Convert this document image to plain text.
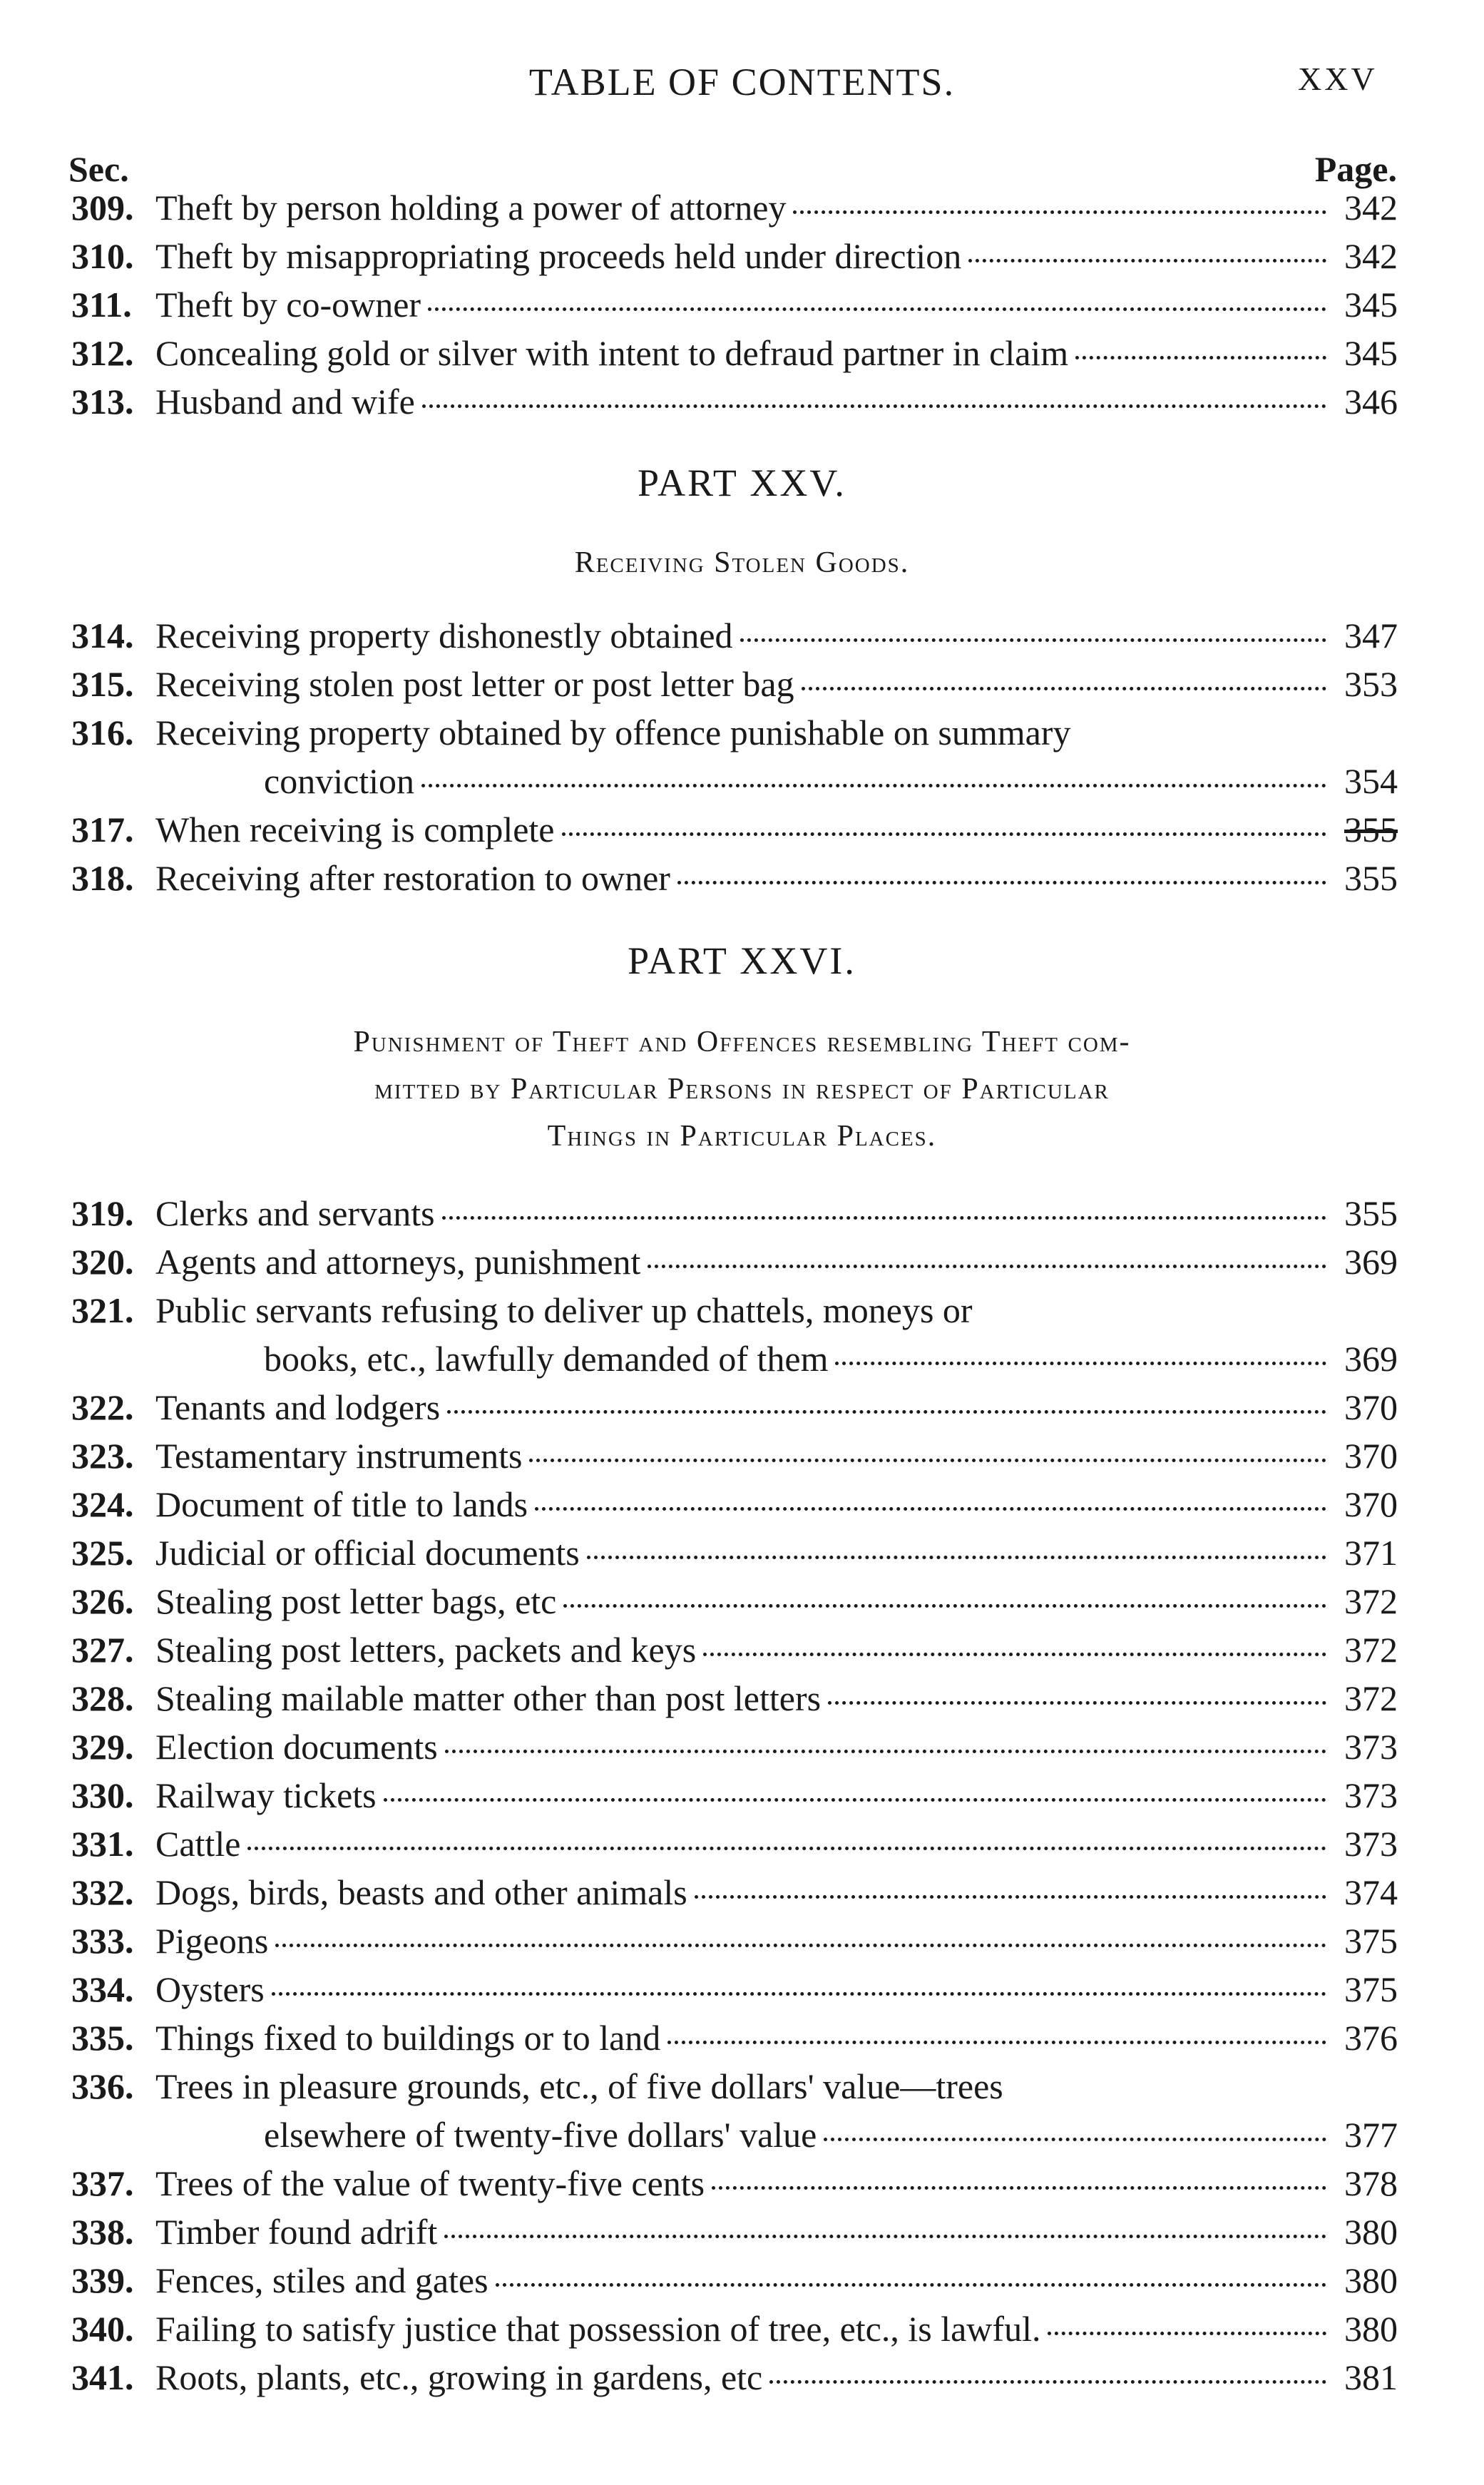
TABLE OF CONTENTS.	XXV
Sec.	Page.
309. Theft by person holding a power of attorney	342
310. Theft by misappropriating proceeds held under direction	342
311. Theft by co-owner	345
312. Concealing gold or silver with intent to defraud partner in claim	345
313. Husband and wife	346
PART XXV.
Receiving Stolen Goods.
314. Receiving property dishonestly obtained	347
315. Receiving stolen post letter or post letter bag	353
316. Receiving property obtained by offence punishable on summary
conviction	354
317. When receiving is complete	355
318. Receiving after restoration to owner	355
PART XXVI.
Punishment of Theft and Offences resembling Theft com-
mitted by Particular Persons in respect of Particular
Things in Particular Places.
319. Clerks and servants	355
320. Agents and attorneys, punishment	369
321. Public servants refusing to deliver up chattels, moneys or
books, etc., lawfully demanded of them	369
322. Tenants and lodgers	370
323. Testamentary instruments	370
324. Document of title to lands	370
325. Judicial or official documents	371
326. Stealing post letter bags, etc	372
327. Stealing post letters, packets and keys	372
328. Stealing mailable matter other than post letters	372
329. Election documents	373
330. Railway tickets	373
331. Cattle	373
332. Dogs, birds, beasts and other animals	374
333. Pigeons	375
334. Oysters	375
335. Things fixed to buildings or to land	376
336. Trees in pleasure grounds, etc., of five dollars' value—trees
elsewhere of twenty-five dollars' value	377
337. Trees of the value of twenty-five cents	378
338. Timber found adrift	380
339. Fences, stiles and gates	380
340. Failing to satisfy justice that possession of tree, etc., is lawful.	380
341. Roots, plants, etc., growing in gardens, etc	381
